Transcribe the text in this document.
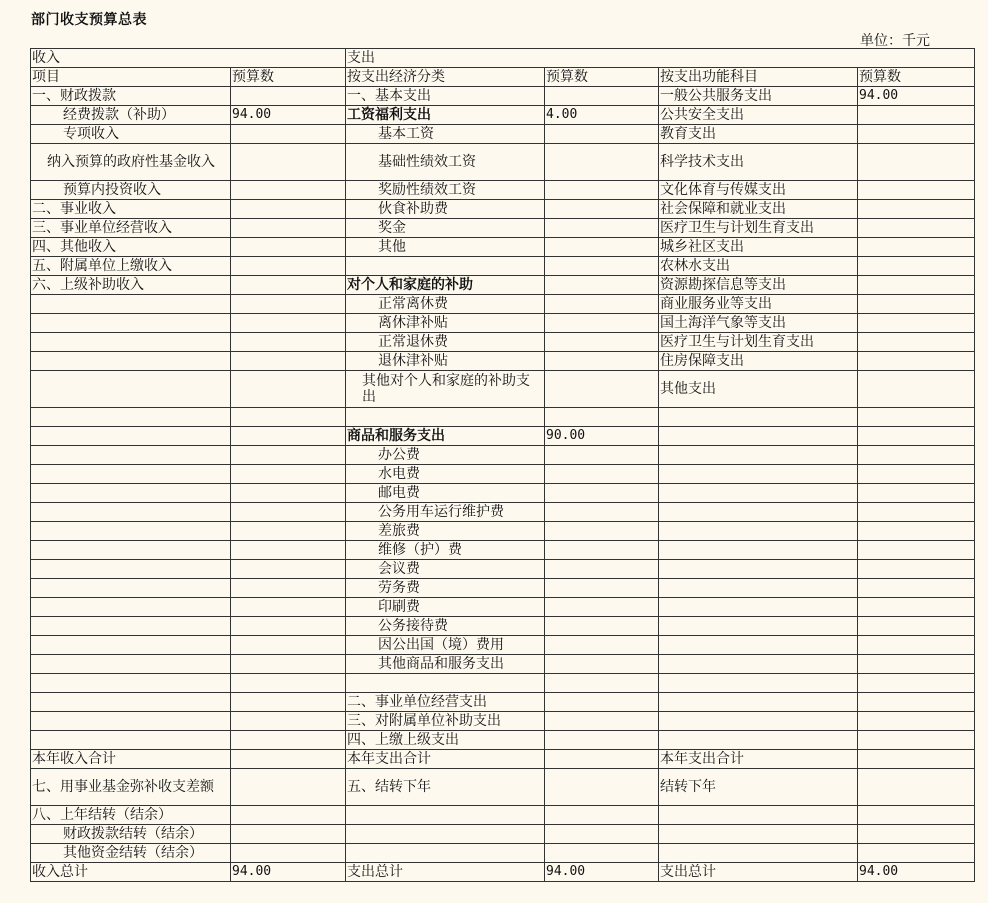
部门收支预算总表
单位：千元
收入		支出			
项目	预算数	按支出经济分类	预算数	按支出功能科目	预算数
一、财政拨款		一、基本支出		一般公共服务支出	94.00
经费拨款（补助）	94.00	工资福利支出	4.00	公共安全支出	
专项收入		基本工资		教育支出	
纳入预算的政府性基金收入		基础性绩效工资		科学技术支出	
预算内投资收入		奖励性绩效工资		文化体育与传媒支出	
二、事业收入		伙食补助费		社会保障和就业支出	
三、事业单位经营收入		奖金		医疗卫生与计划生育支出	
四、其他收入		其他		城乡社区支出	
五、附属单位上缴收入				农林水支出	
六、上级补助收入		对个人和家庭的补助		资源勘探信息等支出	
		正常离休费		商业服务业等支出	
		离休津补贴		国土海洋气象等支出	
		正常退休费		医疗卫生与计划生育支出	
		退休津补贴		住房保障支出	
		其他对个人和家庭的补助支出		其他支出	

		商品和服务支出	90.00		
		办公费			
		水电费			
		邮电费			
		公务用车运行维护费			
		差旅费			
		维修（护）费			
		会议费			
		劳务费			
		印刷费			
		公务接待费			
		因公出国（境）费用			
		其他商品和服务支出			

		二、事业单位经营支出			
		三、对附属单位补助支出			
		四、上缴上级支出			
本年收入合计		本年支出合计		本年支出合计	
七、用事业基金弥补收支差额		五、结转下年		结转下年	
八、上年结转（结余）					
财政拨款结转（结余）					
其他资金结转（结余）					
收入总计	94.00	支出总计	94.00	支出总计	94.00
